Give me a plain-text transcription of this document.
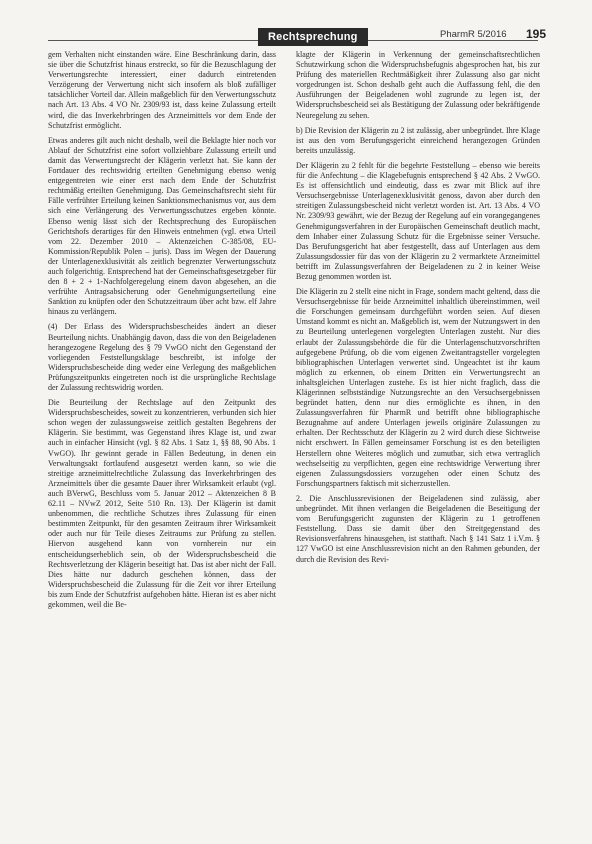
Rechtsprechung	PharmR 5/2016 195

gem Verhalten nicht einstanden wäre. Eine Beschränkung darin, dass sie über die Schutzfrist hinaus erstreckt, so für die Bezuschlagung der Verwertungsrechte interessiert, einer dadurch eintretenden Verzögerung der Verwertung nicht sich insofern als bloß zufälliger tatsächlicher Vorteil dar. Allein maßgeblich für den Verwertungsschutz nach Art. 13 Abs. 4 VO Nr. 2309/93 ist, dass keine Zulassung erteilt wird, die das Inverkehrbringen des Arzneimittels vor dem Ende der Schutzfrist ermöglicht.

Etwas anderes gilt auch nicht deshalb, weil die Beklagte hier noch vor Ablauf der Schutzfrist eine sofort vollziehbare Zulassung erteilt und damit das Verwertungsrecht der Klägerin verletzt hat. Sie kann der Fortdauer des rechtswidrig erteilten Genehmigung ebenso wenig entgegentreten wie einer erst nach dem Ende der Schutzfrist rechtmäßig erteilten Genehmigung. Das Gemeinschaftsrecht sieht für Fälle verfrühter Erteilung keinen Sanktionsmechanismus vor, aus dem sich eine Verlängerung des Verwertungsschutzes ergeben könnte. Ebenso wenig lässt sich der Rechtsprechung des Europäischen Gerichtshofs derartiges für den Hinweis entnehmen (vgl. etwa Urteil vom 22. Dezember 2010 – Aktenzeichen C-385/08, EU-Kommission/Republik Polen – juris). Dass im Wegen der Dauerung der Unterlagenexklusivität als zeitlich begrenzter Verwertungsschutz auch folgerichtig. Entsprechend hat der Gemeinschaftsgesetzgeber für den 8 + 2 + 1-Nachfolgeregelung einem davon abgesehen, an die verfrühte Antragsabsicherung oder Genehmigungserteilung eine Sanktion zu knüpfen oder den Schutzzeitraum über acht bzw. elf Jahre hinaus zu verlängern.

(4) Der Erlass des Widerspruchsbescheides ändert an dieser Beurteilung nichts. Unabhängig davon, dass die von den Beigeladenen herangezogene Regelung des § 79 VwGO nicht den Gegenstand der vorliegenden Feststellungsklage beschreibt, ist infolge der Widerspruchsbescheide ding weder eine Verlegung des maßgeblichen Prüfungszeitpunkts eingetreten noch ist die ursprüngliche Rechtslage der Zulassung rechtswidrig worden.

Die Beurteilung der Rechtslage auf den Zeitpunkt des Widerspruchsbescheides, soweit zu konzentrieren, verbunden sich hier schon wegen der zulassungsweise zeitlich gestalten Begehrens der Klägerin. Sie bestimmt, was Gegenstand ihres Klage ist, und zwar auch in einfacher Hinsicht (vgl. § 82 Abs. 1 Satz 1, §§ 88, 90 Abs. 1 VwGO). Ihr gewinnt gerade in Fällen Bedeutung, in denen ein Verwaltungsakt fortlaufend ausgesetzt werden kann, so wie die streitige arzneimittelrechtliche Zulassung das Inverkehrbringen des Arzneimittels über die gesamte Dauer ihrer Wirksamkeit erlaubt (vgl. auch BVerwG, Beschluss vom 5. Januar 2012 – Aktenzeichen 8 B 62.11 – NVwZ 2012, Seite 510 Rn. 13). Der Klägerin ist damit unbenommen, die rechtliche Schutzes ihres Zulassung für einen bestimmten Zeitpunkt, für den gesamten Zeitraum ihrer Wirksamkeit oder auch nur für Teile dieses Zeitraums zur Prüfung zu stellen. Hiervon ausgehend kann von vornherein nur ein entscheidungserheblich sein, ob der Widerspruchsbescheid die Rechtsverletzung der Klägerin beseitigt hat. Das ist aber nicht der Fall. Dies hätte nur dadurch geschehen können, dass der Widerspruchsbescheid die Zulassung für die Zeit vor ihrer Erteilung bis zum Ende der Schutzfrist aufgehoben hätte. Hieran ist es aber nicht gekommen, weil die Be-

klagte der Klägerin in Verkennung der gemeinschaftsrechtlichen Schutzwirkung schon die Widerspruchsbefugnis abgesprochen hat, bis zur Prüfung des materiellen Rechtmäßigkeit ihrer Zulassung also gar nicht vorgedrungen ist. Schon deshalb geht auch die Auffassung fehl, die den Ausführungen der Beigeladenen wohl zugrunde zu legen ist, der Widerspruchsbescheid sei als Bestätigung der Zulassung oder bekräftigende Neuregelung zu sehen.

b) Die Revision der Klägerin zu 2 ist zulässig, aber unbegründet. Ihre Klage ist aus den vom Berufungsgericht einreichend herangezogen Gründen bereits unzulässig.

Der Klägerin zu 2 fehlt für die begehrte Feststellung – ebenso wie bereits für die Anfechtung – die Klagebefugnis entsprechend § 42 Abs. 2 VwGO. Es ist offensichtlich und eindeutig, dass es zwar mit Blick auf ihre Versuchsergebnisse Unterlagenexklusivität genoss, davon aber durch den streitigen Zulassungsbescheid nicht verletzt worden ist. Art. 13 Abs. 4 VO Nr. 2309/93 gewährt, wie der Bezug der Regelung auf ein vorangegangenes Genehmigungsverfahren in der Europäischen Gemeinschaft deutlich macht, dem Inhaber einer Zulassung Schutz für die Ergebnisse seiner Versuche. Das Berufungsgericht hat aber festgestellt, dass auf Unterlagen aus dem Zulassungsdossier für das von der Klägerin zu 2 vermarktete Arzneimittel betrifft im Zulassungsverfahren der Beigeladenen zu 2 in keiner Weise Bezug genommen worden ist.

Die Klägerin zu 2 stellt eine nicht in Frage, sondern macht geltend, dass die Versuchsergebnisse für beide Arzneimittel inhaltlich übereinstimmen, weil die Forschungen gemeinsam durchgeführt worden seien. Auf diesen Umstand kommt es nicht an. Maßgeblich ist, wem der Nutzungswert in den zu Beurteilung unterlegenen vorgelegten Unterlagen zusteht. Nur dies erlaubt der Zulassungsbehörde die für die Unterlagenschutzvorschriften aufgegebene Prüfung, ob die vom eigenen Zweitantragsteller vorgelegten bibliographischen Unterlagen verwertet sind. Ungeachtet ist ihr kaum möglich zu erkennen, ob einem Dritten ein Verwertungsrecht an inhaltsgleichen Unterlagen zustehe. Es ist hier nicht fraglich, dass die Klägerinnen selbstständige Nutzungsrechte an den Versuchsergebnissen begründet hatten, denn nur dies ermöglichte es ihnen, in den Zulassungsverfahren für PharmR und betrifft ohne bibliographische Bezugnahme auf andere Unterlagen jeweils originäre Zulassungen zu erhalten. Der Rechtsschutz der Klägerin zu 2 wird durch diese Sichtweise nicht erschwert. In Fällen gemeinsamer Forschung ist es den beteiligten Herstellern ohne Weiteres möglich und zumutbar, sich etwa vertraglich wechselseitig zu verpflichten, gegen eine rechtswidrige Verwertung ihrer eigenen Zulassungsdossiers vorzugehen oder einen Schutz des Forschungspartners faktisch mit sicherzustellen.

2. Die Anschlussrevisionen der Beigeladenen sind zulässig, aber unbegründet. Mit ihnen verlangen die Beigeladenen die Beseitigung der vom Berufungsgericht zugunsten der Klägerin zu 1 getroffenen Feststellung. Dass sie damit über den Streitgegenstand des Revisionsverfahrens hinausgehen, ist statthaft. Nach § 141 Satz 1 i.V.m. § 127 VwGO ist eine Anschlussrevision nicht an den Rahmen gebunden, der durch die Revision des Revi-
